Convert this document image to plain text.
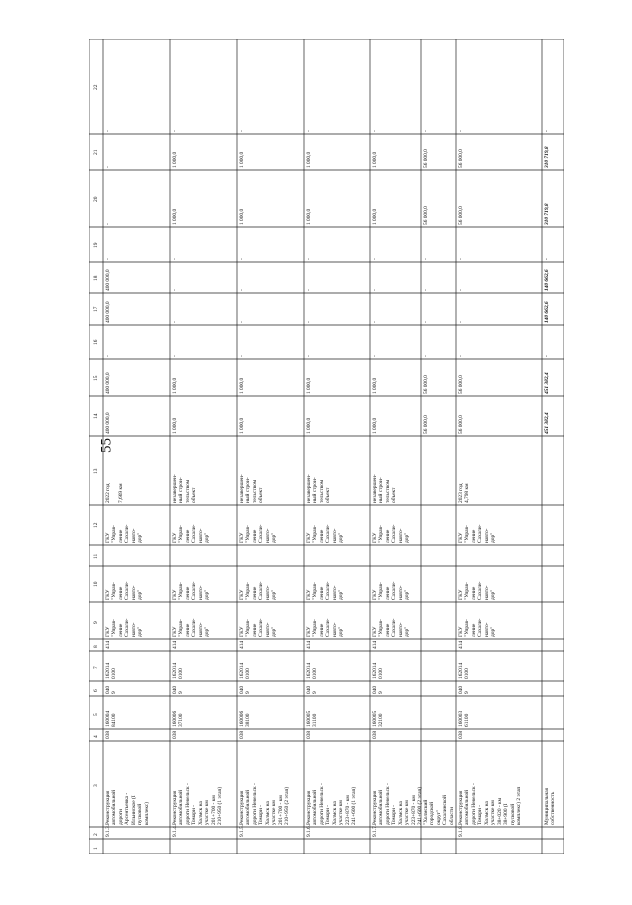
55
1
2
3
4
5
6
7
8
9
10
11
12
13
14
15
16
17
18
19
20
21
22
9.1.3.
Реконструкция
автомобильной
дороги
Арсентьевка -
Ильинское (I
пусковой
комплекс)
038
160004
84100
040
9
162014
0100
414
ГКУ
"Управ-
ление
Сахали-
навто-
дор"
ГКУ
"Управ-
ление
Сахали-
навто-
дор"
ГКУ
"Управ-
ление
Сахали-
навто-
дор"
2022 год

7,669 км
400 000,0
400 000,0
-
400 000,0
400 000,0
-
-
-
-
9.1.4.
Реконструкция
автомобильной
дороги Невельск -
Томари -
Холмск на
участке км
201+700 - км
210+950 (1 этап)
038
160006
37100
040
9
162014
0100
414
ГКУ
"Управ-
ление
Сахали-
навто-
дор"
ГКУ
"Управ-
ление
Сахали-
навто-
дор"
ГКУ
"Управ-
ление
Сахали-
навто-
дор"
незавершен-
ный строи-
тельством
объект
1 000,0
1 000,0
-
-
-
-
1 000,0
1 000,0
-
9.1.5.
Реконструкция
автомобильной
дороги Невельск -
Томари -
Холмск на
участке км
201+700 - км
210+950 (2 этап)
038
160006
38100
040
9
162014
0100
414
ГКУ
"Управ-
ление
Сахали-
навто-
дор"
ГКУ
"Управ-
ление
Сахали-
навто-
дор"
ГКУ
"Управ-
ление
Сахали-
навто-
дор"
незавершен-
ный строи-
тельством
объект
1 000,0
1 000,0
-
-
-
-
1 000,0
1 000,0
-
9.1.6.
Реконструкция
автомобильной
дороги Невельск -
Томари -
Холмск на
участке км
223+870 - км
241+600 (1 этап)
038
160005
31100
040
9
162014
0100
414
ГКУ
"Управ-
ление
Сахали-
навто-
дор"
ГКУ
"Управ-
ление
Сахали-
навто-
дор"
ГКУ
"Управ-
ление
Сахали-
навто-
дор"
незавершен-
ный строи-
тельством
объект
1 000,0
1 000,0
-
-
-
-
1 000,0
1 000,0
-
9.1.7.
Реконструкция
автомобильной
дороги Невельск -
Томари -
Холмск на
участке км
223+870 - км
241+600 (2 этап)
038
160005
32100
040
9
162014
0100
414
ГКУ
"Управ-
ление
Сахали-
навто-
дор"
ГКУ
"Управ-
ление
Сахали-
навто-
дор"
ГКУ
"Управ-
ление
Сахали-
навто-
дор"
незавершен-
ный строи-
тельством
объект
1 000,0
1 000,0
-
-
-
-
1 000,0
1 000,0
-
"Холмский
городской
округ"
Сахалинской
области
56 000,0
56 000,0
-
-
-
-
56 000,0
56 000,0
-
9.1.8.
Реконструкция
автомобильной
дороги Невельск -
Томари -
Холмск на
участке км
38+020 - км
38+900 (I
пусковой
комплекс) 2 этап
038
160003
61100
040
9
162014
0100
414
ГКУ
"Управ-
ление
Сахали-
навто-
дор"
ГКУ
"Управ-
ление
Сахали-
навто-
дор"
ГКУ
"Управ-
ление
Сахали-
навто-
дор"
2023 год
4,798 км
56 000,0
56 000,0
-
-
-
-
56 000,0
56 000,0
-
Муниципальная
собственность
451 382,4
451 382,4
-
140 662,6
140 662,6
-
310 719,8
310 719,8
-
